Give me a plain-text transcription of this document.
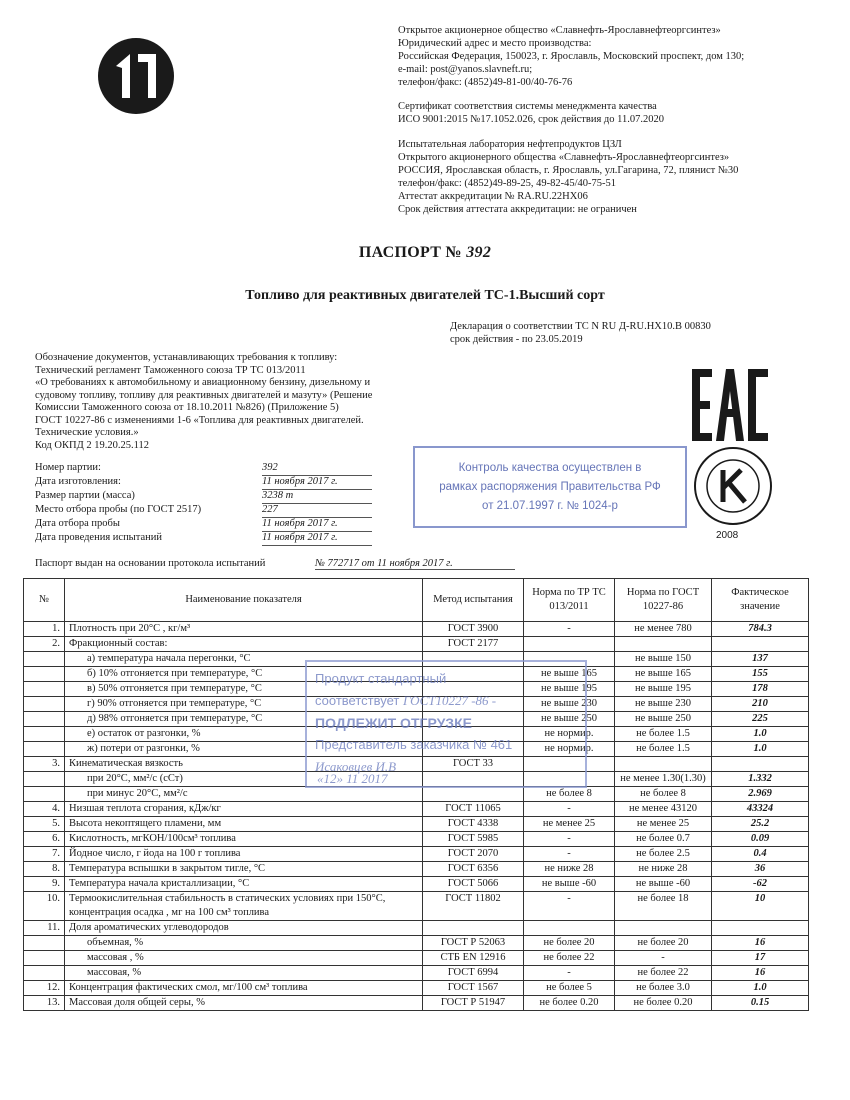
Открытое акционерное общество «Славнефть-Ярославнефтеоргсинтез»
Юридический адрес и место производства:
Российская Федерация, 150023, г. Ярославль, Московский проспект, дом 130;
e-mail: post@yanos.slavneft.ru;
телефон/факс: (4852)49-81-00/40-76-76
Сертификат соответствия системы менеджмента качества
ИСО 9001:2015 №17.1052.026, срок действия до 11.07.2020
Испытательная лаборатория нефтепродуктов ЦЗЛ
Открытого акционерного общества «Славнефть-Ярославнефтеоргсинтез»
РОССИЯ, Ярославская область, г. Ярославль, ул.Гагарина, 72, плянист №30
телефон/факс: (4852)49-89-25, 49-82-45/40-75-51
Аттестат аккредитации № RA.RU.22НХ06
Срок действия аттестата аккредитации: не ограничен
ПАСПОРТ № 392
Топливо для реактивных двигателей ТС-1.Высший сорт
Декларация о соответствии ТС N RU Д-RU.НХ10.В 00830
срок действия - по 23.05.2019
Обозначение документов, устанавливающих требования к топливу:
Технический регламент Таможенного союза ТР ТС 013/2011
«О требованиях к автомобильному и авиационному бензину, дизельному и
судовому топливу, топливу для реактивных двигателей и мазуту» (Решение
Комиссии Таможенного союза от 18.10.2011 №826) (Приложение 5)
ГОСТ 10227-86 с изменениями 1-6 «Топлива для реактивных двигателей.
Технические условия.»
Код ОКПД 2 19.20.25.112
Контроль качества осуществлен в
рамках распоряжения Правительства РФ
от 21.07.1997 г. № 1024-р
2008
Номер партии:	392
Дата изготовления:	11 ноября 2017 г.
Размер партии (масса)	3238 т
Место отбора пробы (по ГОСТ 2517)	227
Дата отбора пробы	11 ноября 2017 г.
Дата проведения испытаний	11 ноября 2017 г.
Паспорт выдан на основании протокола испытаний	№ 772717 от 11 ноября 2017 г.
№	Наименование показателя	Метод испытания	Норма по ТР ТС 013/2011	Норма по ГОСТ 10227-86	Фактическое значение
1.	Плотность при 20°С , кг/м³	ГОСТ 3900	-	не менее 780	784.3
2.	Фракционный состав:	ГОСТ 2177			
	а) температура начала перегонки, °С			не выше 150	137
	б) 10% отгоняется при температуре, °С		не выше 165	не выше 165	155
	в) 50% отгоняется при температуре, °С		не выше 195	не выше 195	178
	г) 90% отгоняется при температуре, °С		не выше 230	не выше 230	210
	д) 98% отгоняется при температуре, °С		не выше 250	не выше 250	225
	е) остаток от разгонки, %		не нормир.	не более 1.5	1.0
	ж) потери от разгонки, %		не нормир.	не более 1.5	1.0
3.	Кинематическая вязкость	ГОСТ 33			
	при 20°С, мм²/с (сСт)			не менее 1.30(1.30)	1.332
	при минус 20°С, мм²/с		не более 8	не более 8	2.969
4.	Низшая теплота сгорания, кДж/кг	ГОСТ 11065	-	не менее 43120	43324
5.	Высота некоптящего пламени, мм	ГОСТ 4338	не менее 25	не менее 25	25.2
6.	Кислотность, мгКОН/100см³ топлива	ГОСТ 5985	-	не более 0.7	0.09
7.	Йодное число, г йода на 100 г топлива	ГОСТ 2070	-	не более 2.5	0.4
8.	Температура вспышки в закрытом тигле, °С	ГОСТ 6356	не ниже 28	не ниже 28	36
9.	Температура начала кристаллизации, °С	ГОСТ 5066	не выше -60	не выше -60	-62
10.	Термоокислительная стабильность в статических условиях при 150°С, концентрация осадка , мг на 100 см³ топлива	ГОСТ 11802	-	не более 18	10
11.	Доля ароматических углеводородов				
	объемная, %	ГОСТ Р 52063	не более 20	не более 20	16
	массовая , %	СТБ EN 12916	не более 22	-	17
	массовая, %	ГОСТ 6994	-	не более 22	16
12.	Концентрация фактических смол, мг/100 см³ топлива	ГОСТ 1567	не более 5	не более 3.0	1.0
13.	Массовая доля общей серы, %	ГОСТ Р 51947	не более 0.20	не более 0.20	0.15
Продукт стандартный
соответствует ГОСТ10227 -86 -
ПОДЛЕЖИТ ОТГРУЗКЕ
Представитель заказчика № 461
Исаковцев И.В
«12» 11 2017
